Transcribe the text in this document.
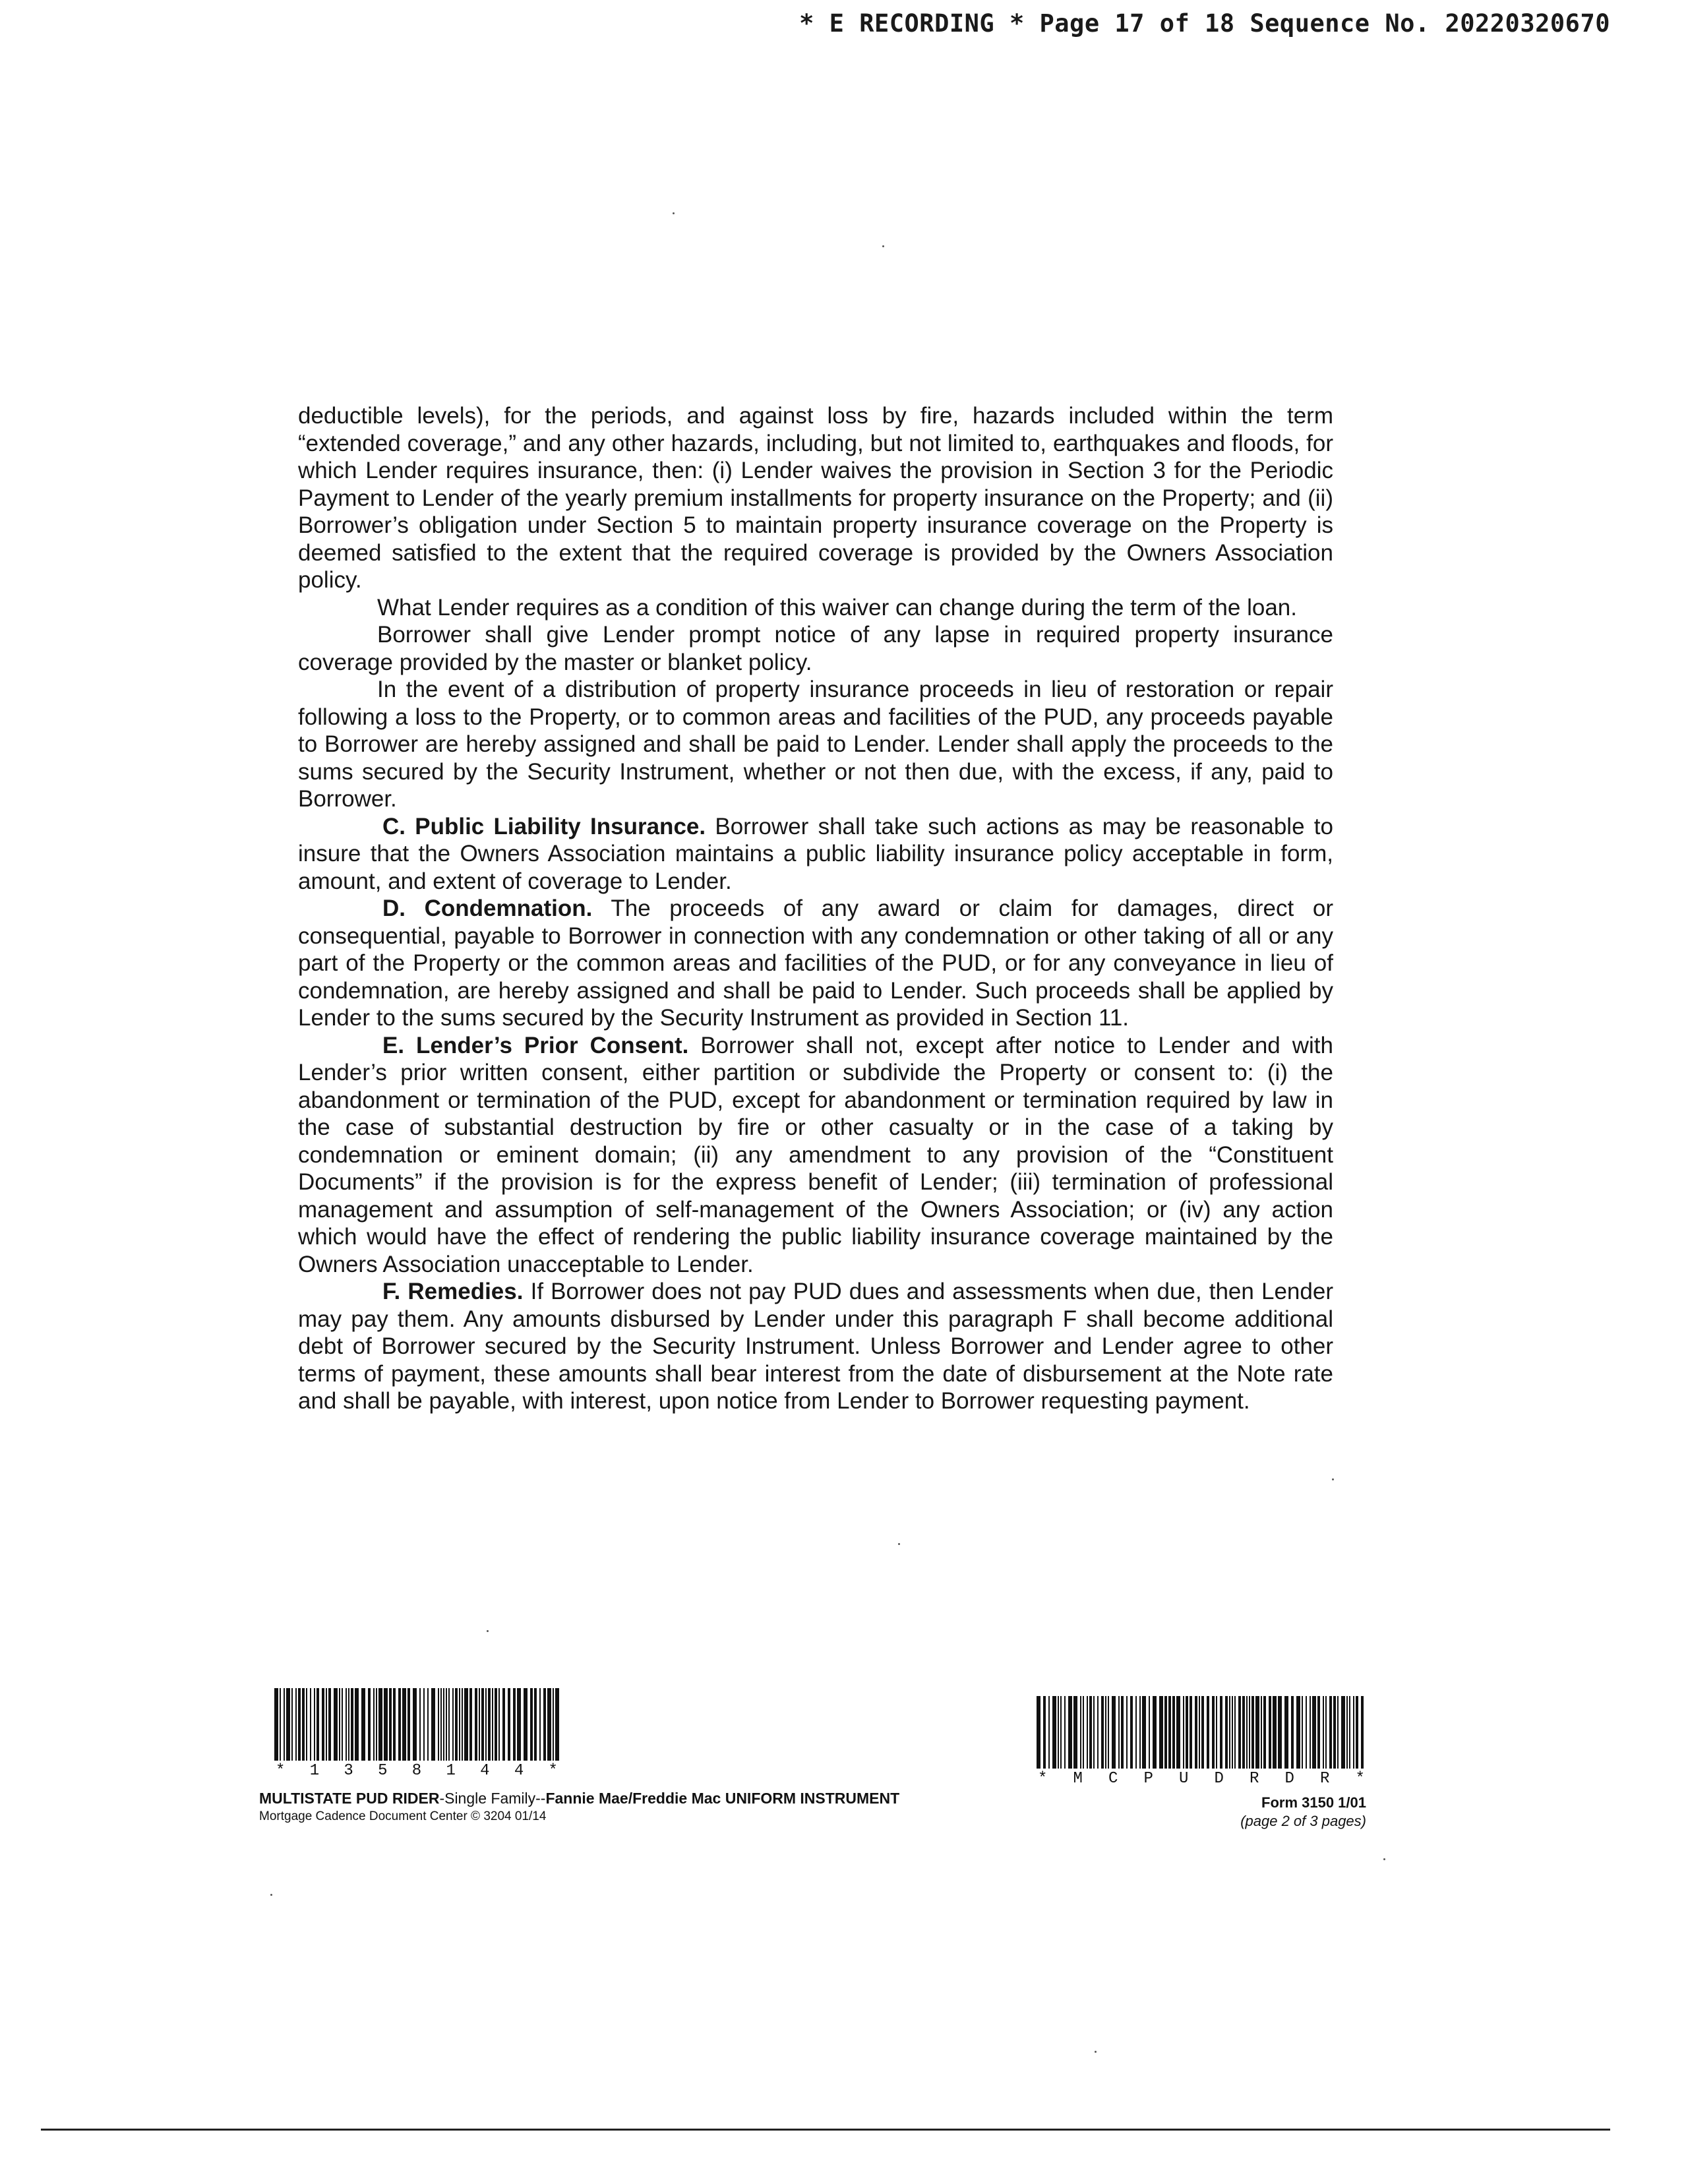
* E RECORDING * Page 17 of 18 Sequence No. 20220320670

deductible levels), for the periods, and against loss by fire, hazards included within the term “extended coverage,” and any other hazards, including, but not limited to, earthquakes and floods, for which Lender requires insurance, then: (i) Lender waives the provision in Section 3 for the Periodic Payment to Lender of the yearly premium installments for property insurance on the Property; and (ii) Borrower’s obligation under Section 5 to maintain property insurance coverage on the Property is deemed satisfied to the extent that the required coverage is provided by the Owners Association policy.

What Lender requires as a condition of this waiver can change during the term of the loan.

Borrower shall give Lender prompt notice of any lapse in required property insurance coverage provided by the master or blanket policy.

In the event of a distribution of property insurance proceeds in lieu of restoration or repair following a loss to the Property, or to common areas and facilities of the PUD, any proceeds payable to Borrower are hereby assigned and shall be paid to Lender. Lender shall apply the proceeds to the sums secured by the Security Instrument, whether or not then due, with the excess, if any, paid to Borrower.

C. Public Liability Insurance. Borrower shall take such actions as may be reasonable to insure that the Owners Association maintains a public liability insurance policy acceptable in form, amount, and extent of coverage to Lender.

D. Condemnation. The proceeds of any award or claim for damages, direct or consequential, payable to Borrower in connection with any condemnation or other taking of all or any part of the Property or the common areas and facilities of the PUD, or for any conveyance in lieu of condemnation, are hereby assigned and shall be paid to Lender. Such proceeds shall be applied by Lender to the sums secured by the Security Instrument as provided in Section 11.

E. Lender’s Prior Consent. Borrower shall not, except after notice to Lender and with Lender’s prior written consent, either partition or subdivide the Property or consent to: (i) the abandonment or termination of the PUD, except for abandonment or termination required by law in the case of substantial destruction by fire or other casualty or in the case of a taking by condemnation or eminent domain; (ii) any amendment to any provision of the “Constituent Documents” if the provision is for the express benefit of Lender; (iii) termination of professional management and assumption of self-management of the Owners Association; or (iv) any action which would have the effect of rendering the public liability insurance coverage maintained by the Owners Association unacceptable to Lender.

F. Remedies. If Borrower does not pay PUD dues and assessments when due, then Lender may pay them. Any amounts disbursed by Lender under this paragraph F shall become additional debt of Borrower secured by the Security Instrument. Unless Borrower and Lender agree to other terms of payment, these amounts shall bear interest from the date of disbursement at the Note rate and shall be payable, with interest, upon notice from Lender to Borrower requesting payment.

* 1 3 5 8 1 4 4 *	* M C P U D R D R *
MULTISTATE PUD RIDER-Single Family--Fannie Mae/Freddie Mac UNIFORM INSTRUMENT
Mortgage Cadence Document Center © 3204 01/14
Form 3150 1/01
(page 2 of 3 pages)
